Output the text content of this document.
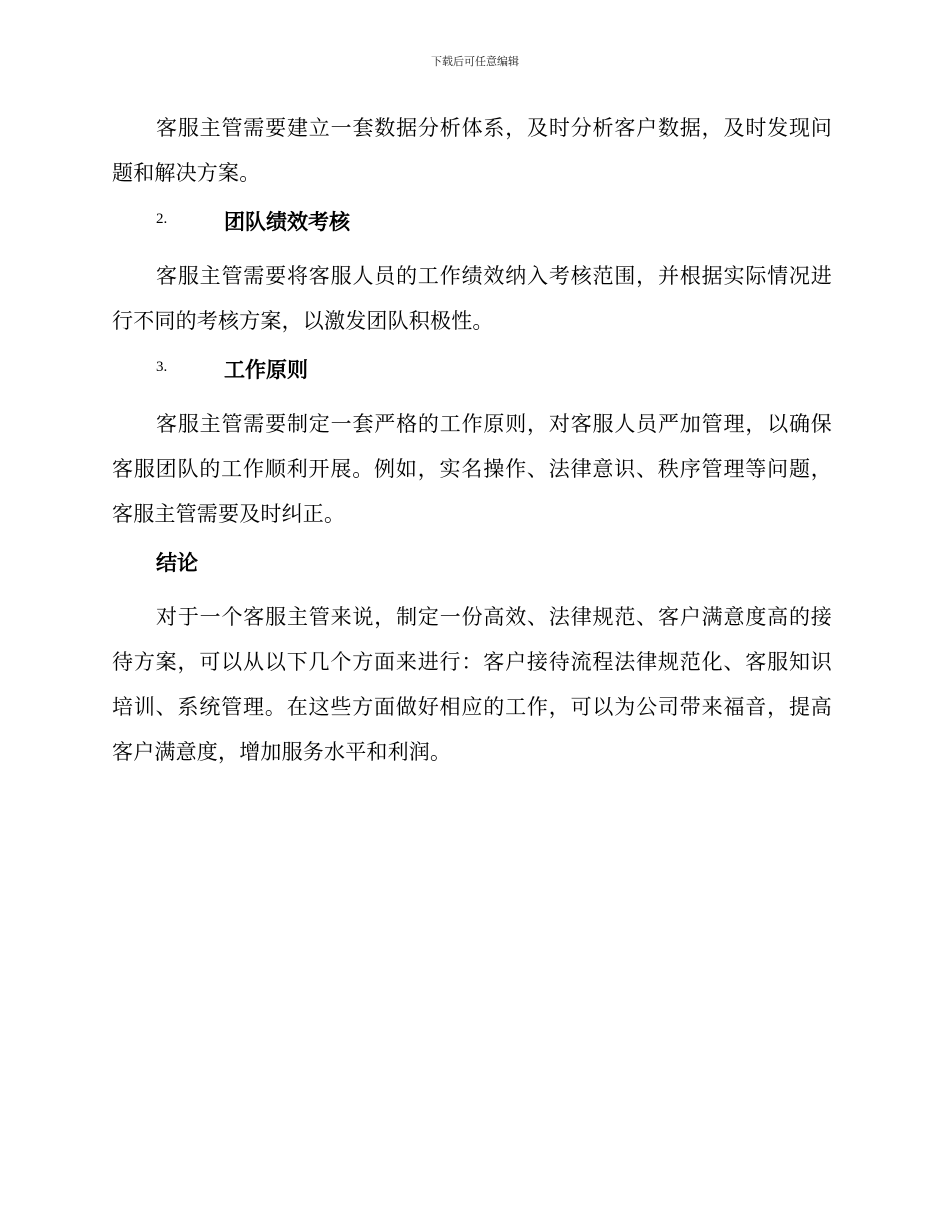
下载后可任意编辑

客服主管需要建立一套数据分析体系，及时分析客户数据，及时发现问题和解决方案。

2.	团队绩效考核

客服主管需要将客服人员的工作绩效纳入考核范围，并根据实际情况进行不同的考核方案，以激发团队积极性。

3.	工作原则

客服主管需要制定一套严格的工作原则，对客服人员严加管理，以确保客服团队的工作顺利开展。例如，实名操作、法律意识、秩序管理等问题，客服主管需要及时纠正。

结论

对于一个客服主管来说，制定一份高效、法律规范、客户满意度高的接待方案，可以从以下几个方面来进行：客户接待流程法律规范化、客服知识培训、系统管理。在这些方面做好相应的工作，可以为公司带来福音，提高客户满意度，增加服务水平和利润。
